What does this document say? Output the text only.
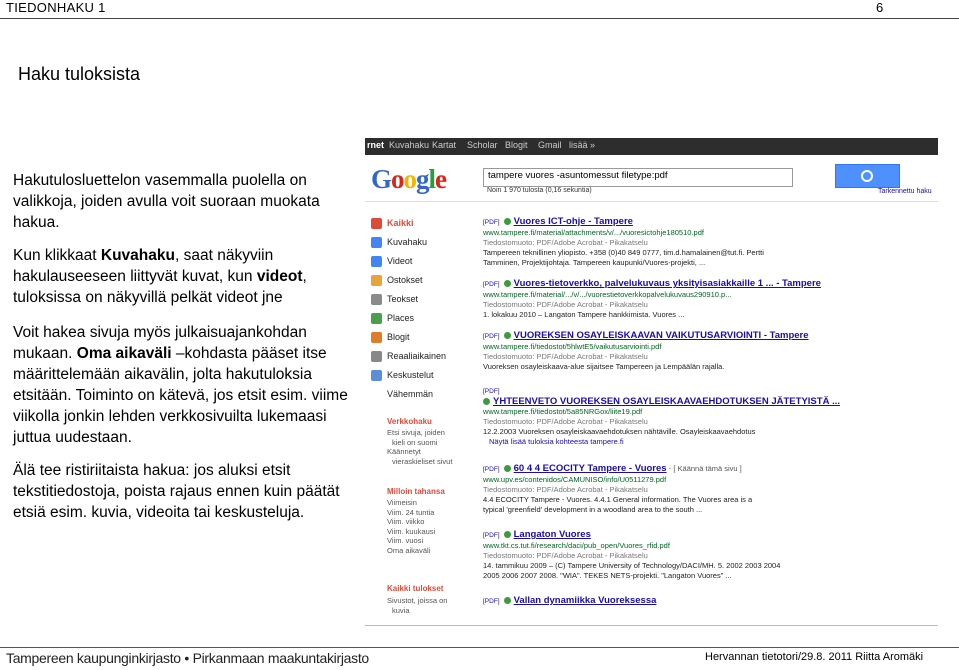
TIEDONHAKU 1	6
Haku tuloksista
Hakutulosluettelon vasemmalla puolella on valikkoja, joiden avulla voit suoraan muokata hakua.
Kun klikkaat Kuvahaku, saat näkyviin hakulauseeseen liittyvät kuvat, kun videot, tuloksissa on näkyvillä pelkät videot jne
Voit hakea sivuja myös julkaisuajankohdan mukaan. Oma aikaväli –kohdasta pääset itse määrittelemään aikavälin, jolta hakutuloksia etsitään. Toiminto on kätevä, jos etsit esim. viime viikolla jonkin lehden verkkosivuilta lukemaasi juttua uudestaan.
Älä tee ristiriitaista hakua: jos aluksi etsit tekstitiedostoja, poista rajaus ennen kuin päätät etsiä esim. kuvia, videoita tai keskusteluja.
rnet Kuvahaku Kartat Scholar Blogit Gmail lisää »
Google	tampere vuores -asuntomessut filetype:pdf
Noin 1 970 tulosta (0,16 sekuntia)	Tarkennettu haku
Kaikki
Kuvahaku
Videot
Ostokset
Teokset
Places
Blogit
Reaaliaikainen
Keskustelut
Vähemmän
Verkkohaku
Etsi sivuja, joiden
kieli on suomi
Käännetyt
vieraskieliset sivut
Milloin tahansa
Viimeisin
Viim. 24 tuntia
Viim. viikko
Viim. kuukausi
Viim. vuosi
Oma aikaväli
Kaikki tulokset
Sivustot, joissa on
kuvia
[PDF] Vuores ICT-ohje - Tampere
www.tampere.fi/material/attachments/v/.../vuoresictohje180510.pdf
Tiedostomuoto: PDF/Adobe Acrobat - Pikakatselu
Tampereen teknillinen yliopisto. +358 (0)40 849 0777, tim.d.hamalainen@tut.fi. Pertti
Tamminen, Projektijohtaja. Tampereen kaupunki/Vuores-projekti, ...
[PDF] Vuores-tietoverkko, palvelukuvaus yksityisasiakkaille 1 ... - Tampere
www.tampere.fi/material/.../v/.../vuorestietoverkkopalvelukuvaus290910.p...
Tiedostomuoto: PDF/Adobe Acrobat - Pikakatselu
1. lokakuu 2010 – Langaton Tampere hankkimista. Vuores ...
[PDF] VUOREKSEN OSAYLEISKAAVAN VAIKUTUSARVIOINTI - Tampere
www.tampere.fi/tiedostot/5hlwtE5/vaikutusarviointi.pdf
Tiedostomuoto: PDF/Adobe Acrobat - Pikakatselu
Vuoreksen osayleiskaava-alue sijaitsee Tampereen ja Lempäälän rajalla.
[PDF]
YHTEENVETO VUOREKSEN OSAYLEISKAAVAEHDOTUKSEN JÄTETYISTÄ ...
www.tampere.fi/tiedostot/5a85NRGox/liite19.pdf
Tiedostomuoto: PDF/Adobe Acrobat - Pikakatselu
12.2.2003 Vuoreksen osayleiskaavaehdotuksen nähtäville. Osayleiskaavaehdotus
Näytä lisää tuloksia kohteesta tampere.fi
[PDF] 60 4 4 ECOCITY Tampere - Vuores - [ Käännä tämä sivu ]
www.upv.es/contenidos/CAMUNISO/info/U0511279.pdf
Tiedostomuoto: PDF/Adobe Acrobat - Pikakatselu
4.4 ECOCITY Tampere - Vuores. 4.4.1 General information. The Vuores area is a
typical 'greenfield' development in a woodland area to the south ...
[PDF] Langaton Vuores
www.tkt.cs.tut.fi/research/daci/pub_open/Vuores_rfid.pdf
Tiedostomuoto: PDF/Adobe Acrobat - Pikakatselu
14. tammikuu 2009 – (C) Tampere University of Technology/DACI/MH. 5. 2002 2003 2004
2005 2006 2007 2008. "WIA". TEKES NETS-projekti. "Langaton Vuores" ...
[PDF] Vallan dynamiikka Vuoreksessa
Tampereen kaupunginkirjasto • Pirkanmaan maakuntakirjasto	Hervannan tietotori/29.8. 2011 Riitta Aromäki
